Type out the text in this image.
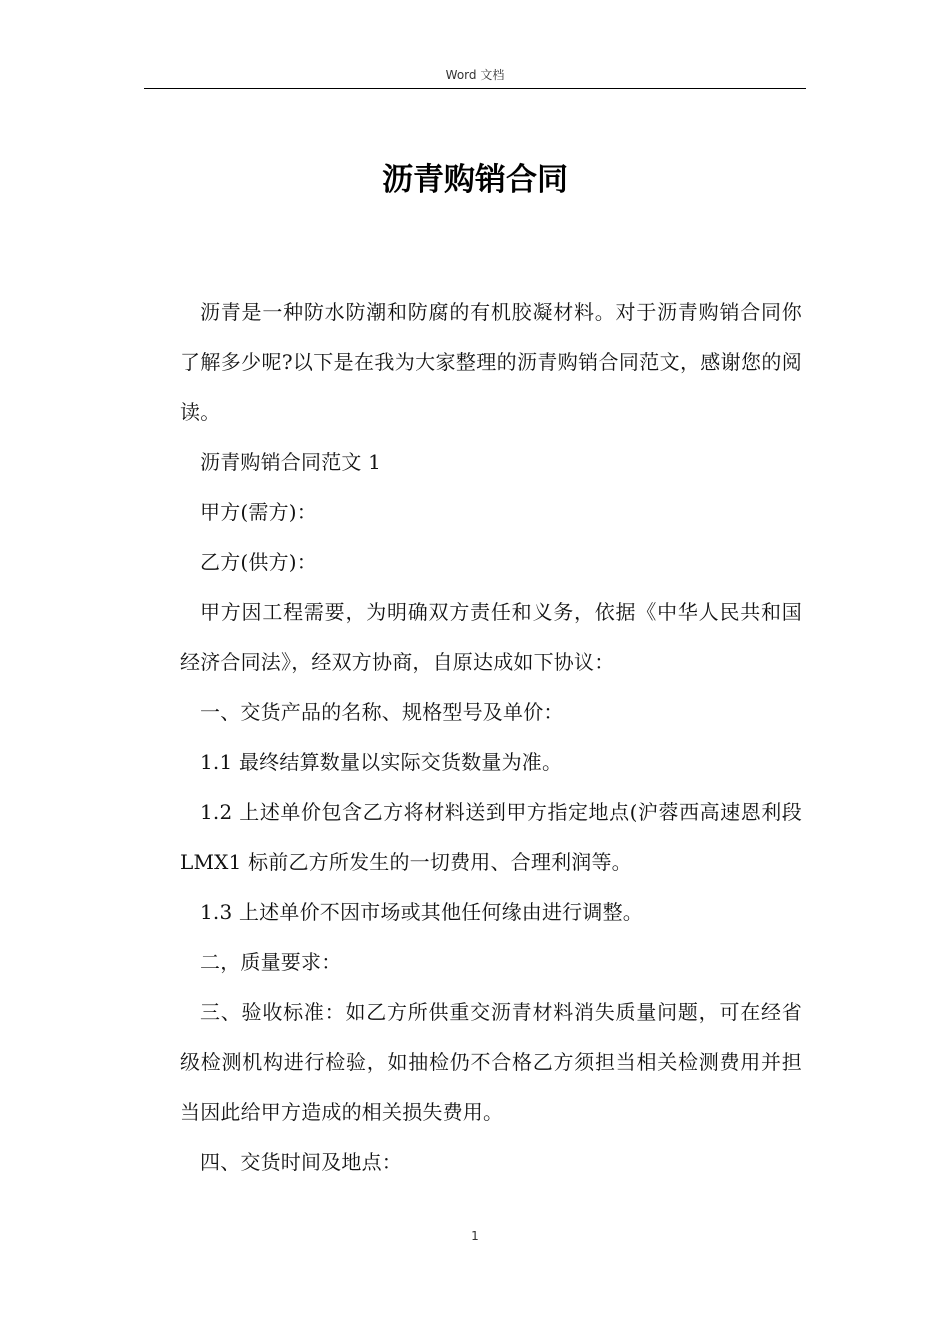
Word 文档
沥青购销合同

沥青是一种防水防潮和防腐的有机胶凝材料。对于沥青购销合同你了解多少呢?以下是在我为大家整理的沥青购销合同范文，感谢您的阅读。

沥青购销合同范文 1

甲方(需方)：

乙方(供方)：

甲方因工程需要，为明确双方责任和义务，依据《中华人民共和国经济合同法》，经双方协商，自原达成如下协议：

一、交货产品的名称、规格型号及单价：

1.1 最终结算数量以实际交货数量为准。

1.2 上述单价包含乙方将材料送到甲方指定地点(沪蓉西高速恩利段 LMX1 标前乙方所发生的一切费用、合理利润等。

1.3 上述单价不因市场或其他任何缘由进行调整。

二，质量要求：

三、验收标准：如乙方所供重交沥青材料消失质量问题，可在经省级检测机构进行检验，如抽检仍不合格乙方须担当相关检测费用并担当因此给甲方造成的相关损失费用。

四、交货时间及地点：

1
